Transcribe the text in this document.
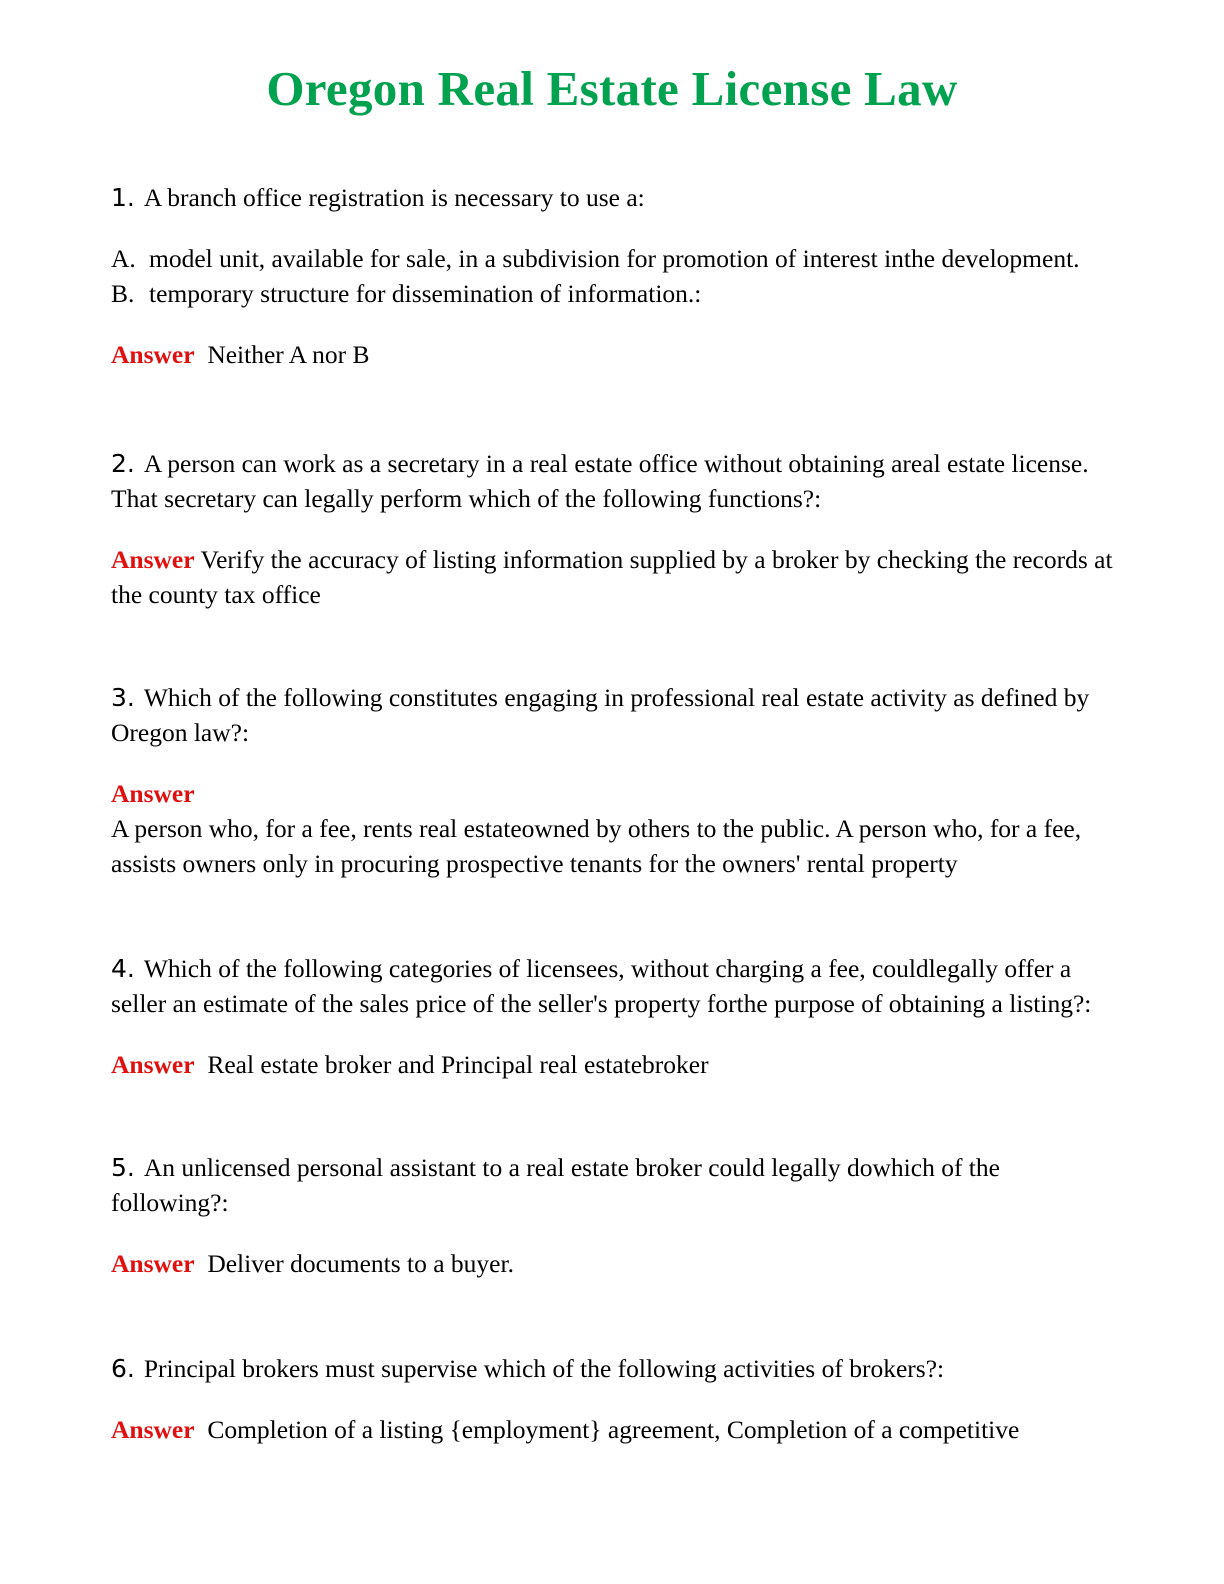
Oregon Real Estate License Law

1. A branch office registration is necessary to use a:

A. model unit, available for sale, in a subdivision for promotion of interest inthe development.

B. temporary structure for dissemination of information.:

Answer Neither A nor B

2. A person can work as a secretary in a real estate office without obtaining areal estate license. That secretary can legally perform which of the following functions?:

Answer Verify the accuracy of listing information supplied by a broker by checking the records at the county tax office

3. Which of the following constitutes engaging in professional real estate activity as defined by Oregon law?:

Answer

A person who, for a fee, rents real estateowned by others to the public. A person who, for a fee, assists owners only in procuring prospective tenants for the owners' rental property

4. Which of the following categories of licensees, without charging a fee, couldlegally offer a seller an estimate of the sales price of the seller's property forthe purpose of obtaining a listing?:

Answer Real estate broker and Principal real estatebroker

5. An unlicensed personal assistant to a real estate broker could legally dowhich of the following?:

Answer Deliver documents to a buyer.

6. Principal brokers must supervise which of the following activities of brokers?:

Answer Completion of a listing {employment} agreement, Completion of a competitive
